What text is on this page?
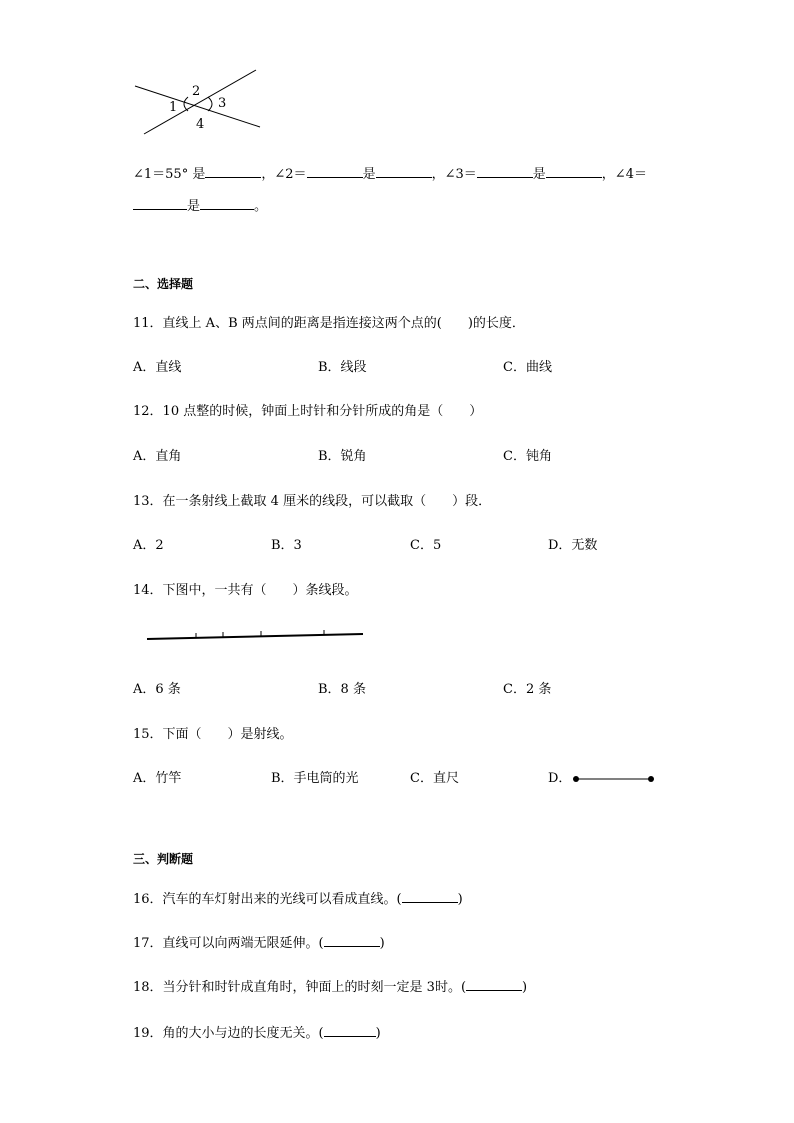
2
1	3
4
∠1＝55° 是	，∠2＝	是	，∠3＝	是	，∠4＝
是	。
二、选择题
11．直线上 A、B 两点间的距离是指连接这两个点的(　　)的长度．
A．直线	B．线段	C．曲线
12．10 点整的时候，钟面上时针和分针所成的角是（　　）
A．直角	B．锐角	C．钝角
13．在一条射线上截取 4 厘米的线段，可以截取（　　）段．
A．2	B．3	C．5	D．无数
14．下图中，一共有（　　）条线段。
A．6 条	B．8 条	C．2 条
15．下面（　　）是射线。
A．竹竿	B．手电筒的光	C．直尺	D．
三、判断题
16．汽车的车灯射出来的光线可以看成直线。(	)
17．直线可以向两端无限延伸。(	)
18．当分针和时针成直角时，钟面上的时刻一定是 3时。(	)
19．角的大小与边的长度无关。(	)
